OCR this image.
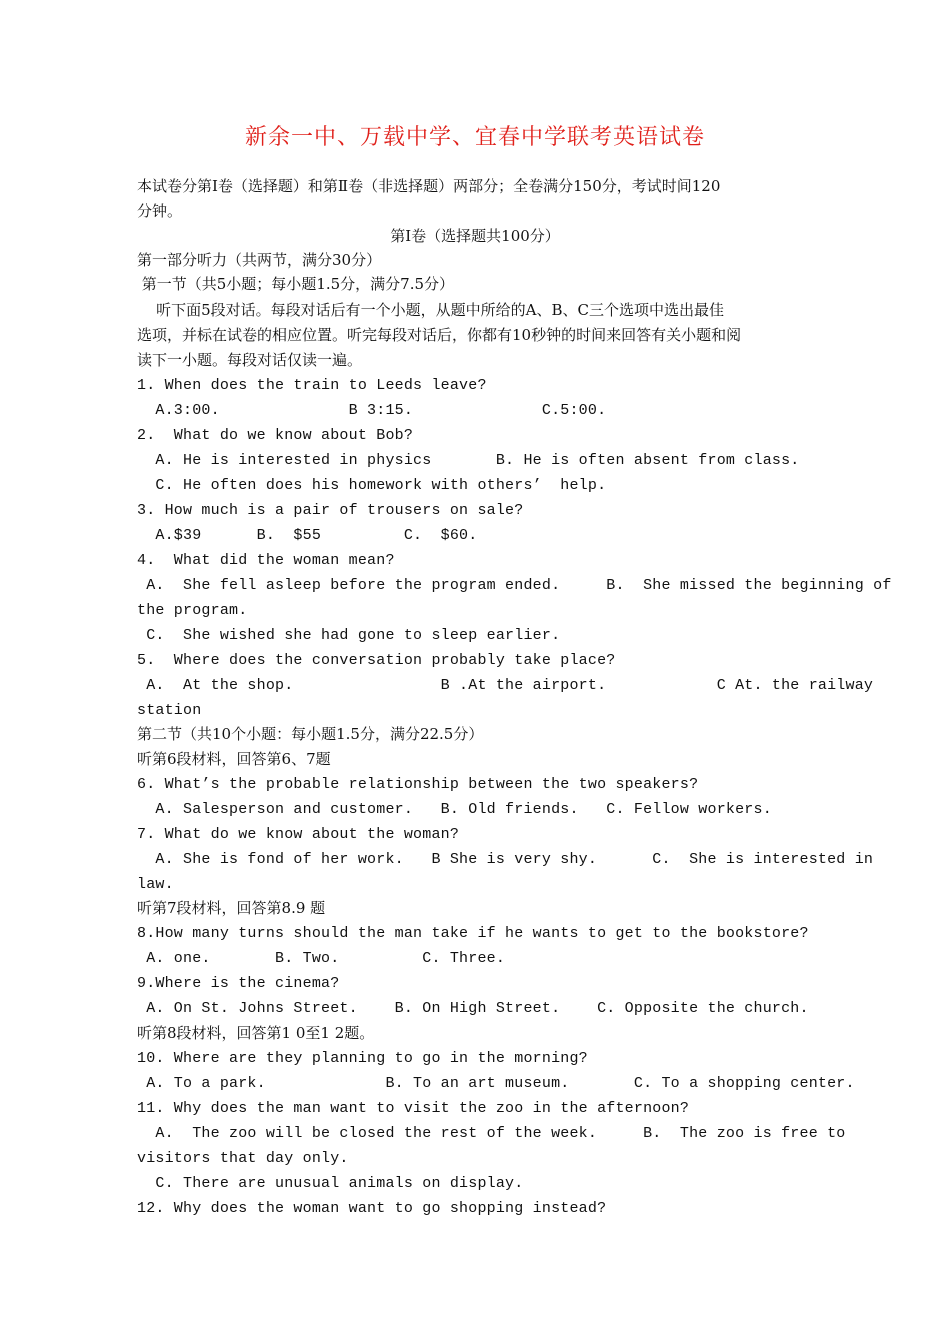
新余一中、万载中学、宜春中学联考英语试卷
本试卷分第Ⅰ卷（选择题）和第Ⅱ卷（非选择题）两部分；全卷满分150分，考试时间120
分钟。
第Ⅰ卷（选择题共100分）
第一部分听力（共两节，满分30分）
第一节（共5小题；每小题1.5分，满分7.5分）
听下面5段对话。每段对话后有一个小题，从题中所给的A、B、C三个选项中选出最佳
选项，并标在试卷的相应位置。听完每段对话后，你都有10秒钟的时间来回答有关小题和阅
读下一小题。每段对话仅读一遍。
1. When does the train to Leeds leave?
A.3:00.              B 3:15.              C.5:00.
2.  What do we know about Bob?
A. He is interested in physics       B. He is often absent from class.
C. He often does his homework with others’  help.
3. How much is a pair of trousers on sale?
A.$39      B.  $55         C.  $60.
4.  What did the woman mean?
A.  She fell asleep before the program ended.     B.  She missed the beginning of
the program.
C.  She wished she had gone to sleep earlier.
5.  Where does the conversation probably take place?
A.  At the shop.                B .At the airport.            C At. the railway
station
第二节（共10个小题：每小题1.5分，满分22.5分）
听第6段材料，回答第6、7题
6. What’s the probable relationship between the two speakers?
A. Salesperson and customer.   B. Old friends.   C. Fellow workers.
7. What do we know about the woman?
A. She is fond of her work.   B She is very shy.      C.  She is interested in
law.
听第7段材料，回答第8.9 题
8.How many turns should the man take if he wants to get to the bookstore?
A. one.       B. Two.         C. Three.
9.Where is the cinema?
A. On St. Johns Street.    B. On High Street.    C. Opposite the church.
听第8段材料，回答第1 0至1 2题。
10. Where are they planning to go in the morning?
A. To a park.             B. To an art museum.       C. To a shopping center.
11. Why does the man want to visit the zoo in the afternoon?
A.  The zoo will be closed the rest of the week.     B.  The zoo is free to
visitors that day only.
C. There are unusual animals on display.
12. Why does the woman want to go shopping instead?
